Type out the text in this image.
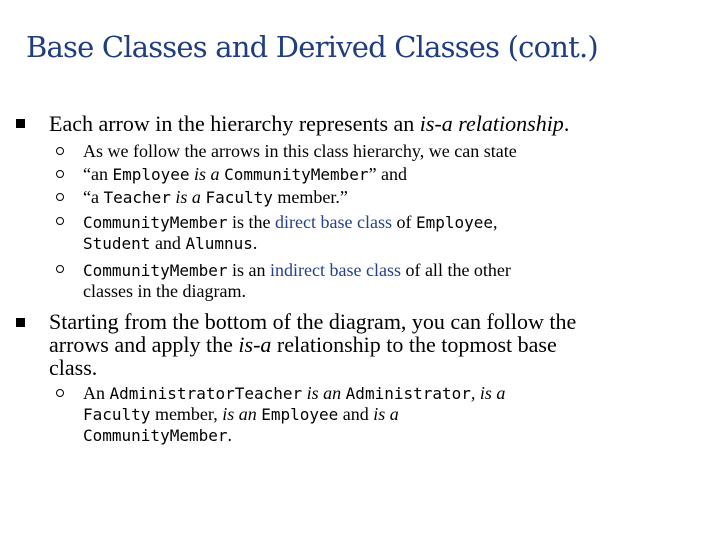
Base Classes and Derived Classes (cont.)
Each arrow in the hierarchy represents an is-a relationship.
As we follow the arrows in this class hierarchy, we can state
“an Employee is a CommunityMember” and
“a Teacher is a Faculty member.”
CommunityMember is the direct base class of Employee,
Student and Alumnus.
CommunityMember is an indirect base class of all the other
classes in the diagram.
Starting from the bottom of the diagram, you can follow the
arrows and apply the is-a relationship to the topmost base
class.
An AdministratorTeacher is an Administrator, is a
Faculty member, is an Employee and is a
CommunityMember.
